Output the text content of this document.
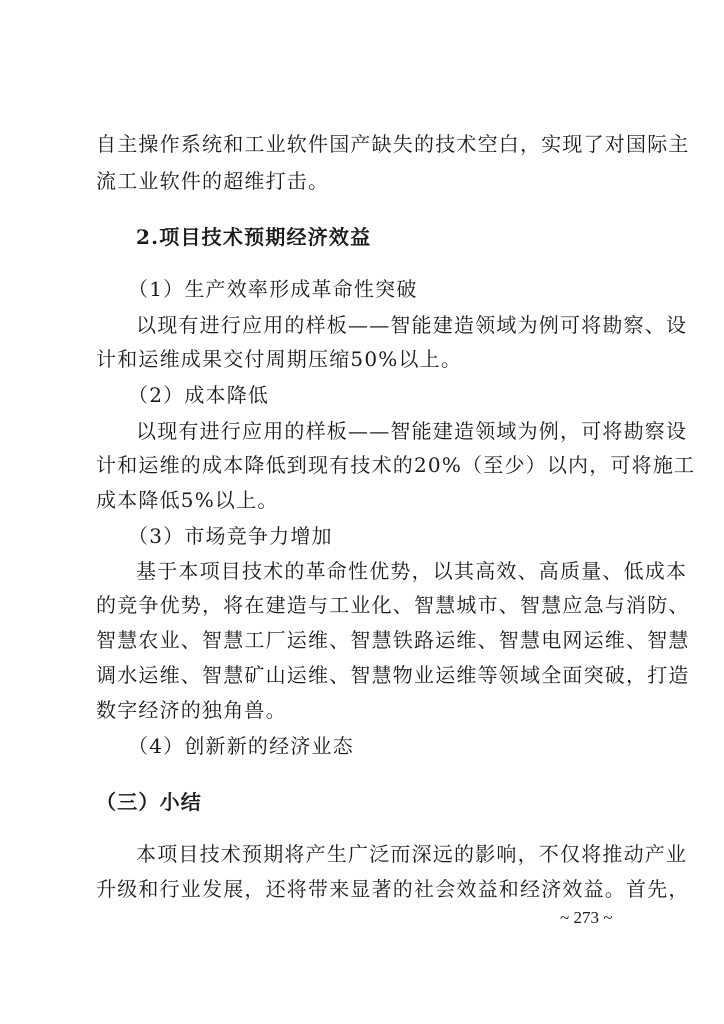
自主操作系统和工业软件国产缺失的技术空白，实现了对国际主
流工业软件的超维打击。
2.项目技术预期经济效益
（1）生产效率形成革命性突破
以现有进行应用的样板——智能建造领域为例可将勘察、设
计和运维成果交付周期压缩50%以上。
（2）成本降低
以现有进行应用的样板——智能建造领域为例，可将勘察设
计和运维的成本降低到现有技术的20%（至少）以内，可将施工
成本降低5%以上。
（3）市场竞争力增加
基于本项目技术的革命性优势，以其高效、高质量、低成本
的竞争优势，将在建造与工业化、智慧城市、智慧应急与消防、
智慧农业、智慧工厂运维、智慧铁路运维、智慧电网运维、智慧
调水运维、智慧矿山运维、智慧物业运维等领域全面突破，打造
数字经济的独角兽。
（4）创新新的经济业态
（三）小结
本项目技术预期将产生广泛而深远的影响，不仅将推动产业
升级和行业发展，还将带来显著的社会效益和经济效益。首先，
~ 273 ~
